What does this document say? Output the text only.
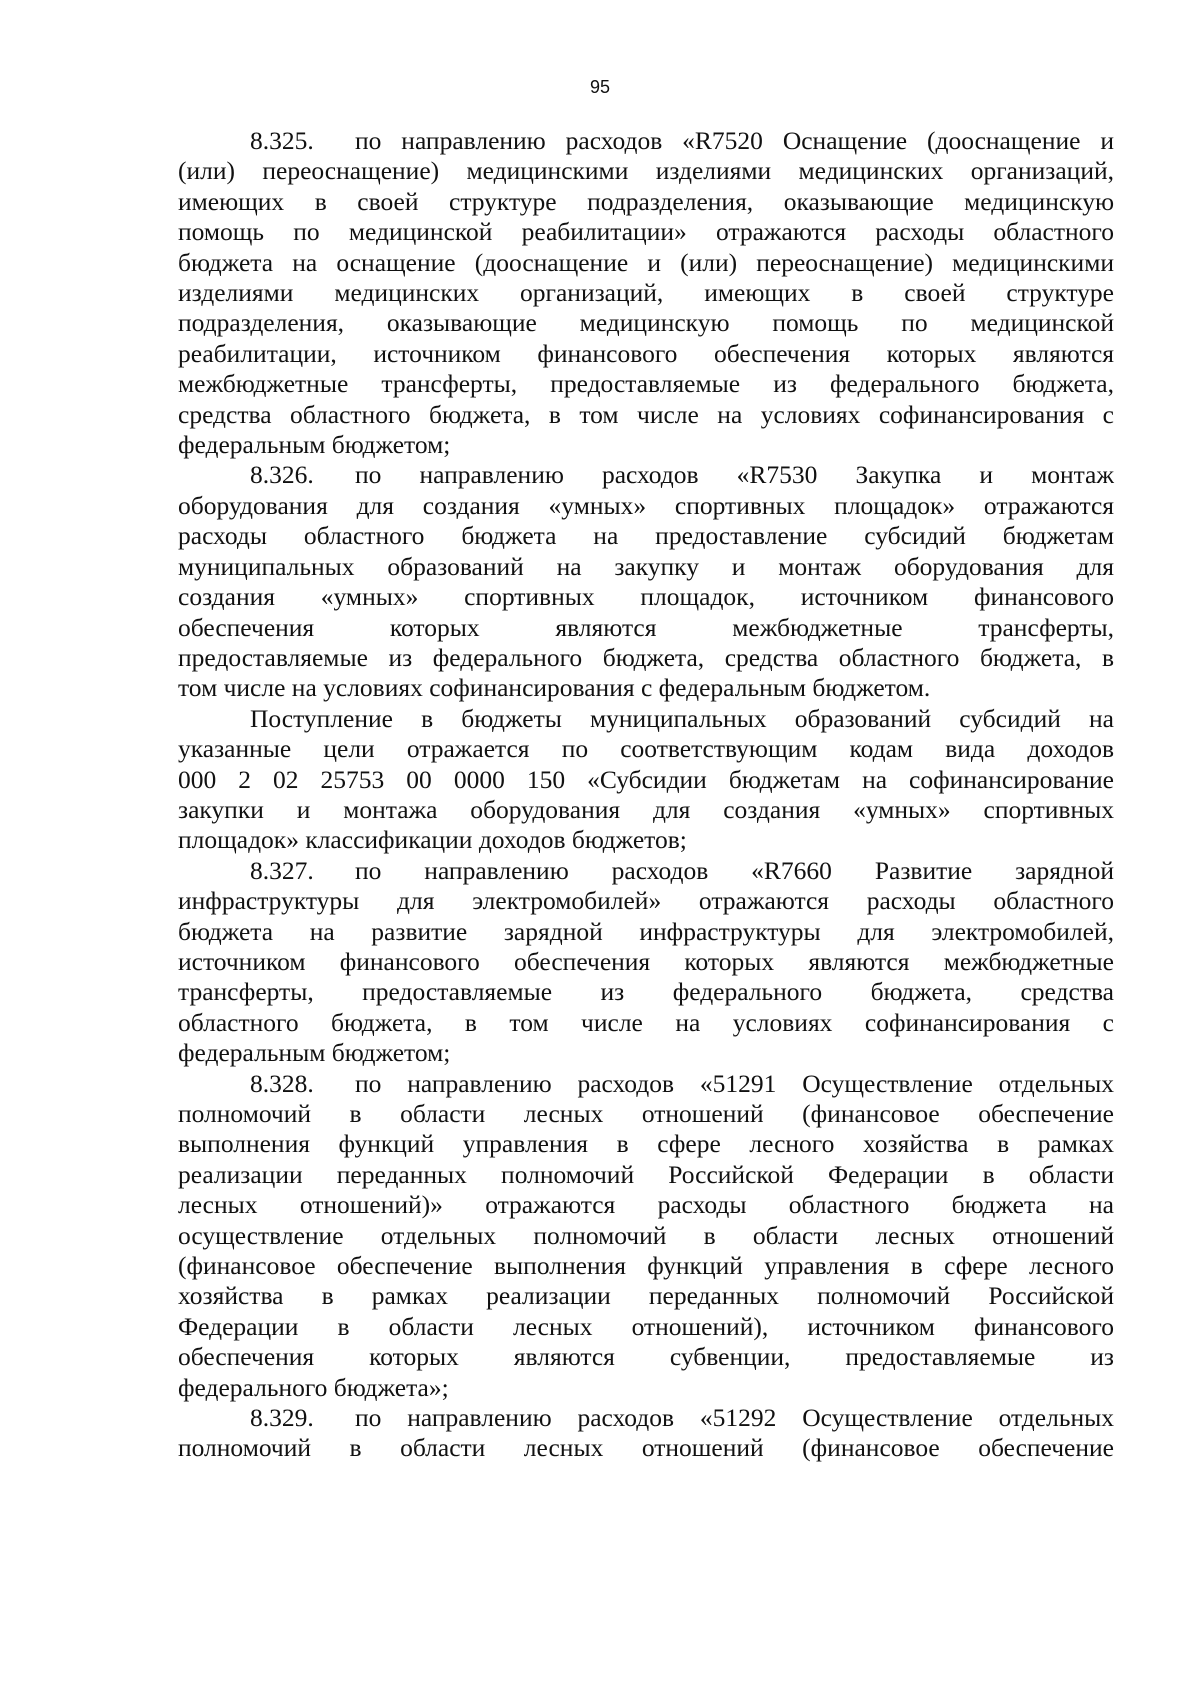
95
8.325.	по направлению расходов «R7520 Оснащение (дооснащение и
(или) переоснащение) медицинскими изделиями медицинских организаций,
имеющих в своей структуре подразделения, оказывающие медицинскую
помощь по медицинской реабилитации» отражаются расходы областного
бюджета на оснащение (дооснащение и (или) переоснащение) медицинскими
изделиями медицинских организаций, имеющих в своей структуре
подразделения, оказывающие медицинскую помощь по медицинской
реабилитации, источником финансового обеспечения которых являются
межбюджетные трансферты, предоставляемые из федерального бюджета,
средства областного бюджета, в том числе на условиях софинансирования с
федеральным бюджетом;
8.326.	по направлению расходов «R7530 Закупка и монтаж
оборудования для создания «умных» спортивных площадок» отражаются
расходы областного бюджета на предоставление субсидий бюджетам
муниципальных образований на закупку и монтаж оборудования для
создания «умных» спортивных площадок, источником финансового
обеспечения которых являются межбюджетные трансферты,
предоставляемые из федерального бюджета, средства областного бюджета, в
том числе на условиях софинансирования с федеральным бюджетом.
Поступление в бюджеты муниципальных образований субсидий на
указанные цели отражается по соответствующим кодам вида доходов
000 2 02 25753 00 0000 150 «Субсидии бюджетам на софинансирование
закупки и монтажа оборудования для создания «умных» спортивных
площадок» классификации доходов бюджетов;
8.327.	по направлению расходов «R7660 Развитие зарядной
инфраструктуры для электромобилей» отражаются расходы областного
бюджета на развитие зарядной инфраструктуры для электромобилей,
источником финансового обеспечения которых являются межбюджетные
трансферты, предоставляемые из федерального бюджета, средства
областного бюджета, в том числе на условиях софинансирования с
федеральным бюджетом;
8.328.	по направлению расходов «51291 Осуществление отдельных
полномочий в области лесных отношений (финансовое обеспечение
выполнения функций управления в сфере лесного хозяйства в рамках
реализации переданных полномочий Российской Федерации в области
лесных отношений)» отражаются расходы областного бюджета на
осуществление отдельных полномочий в области лесных отношений
(финансовое обеспечение выполнения функций управления в сфере лесного
хозяйства в рамках реализации переданных полномочий Российской
Федерации в области лесных отношений), источником финансового
обеспечения которых являются субвенции, предоставляемые из
федерального бюджета»;
8.329.	по направлению расходов «51292 Осуществление отдельных
полномочий в области лесных отношений (финансовое обеспечение
